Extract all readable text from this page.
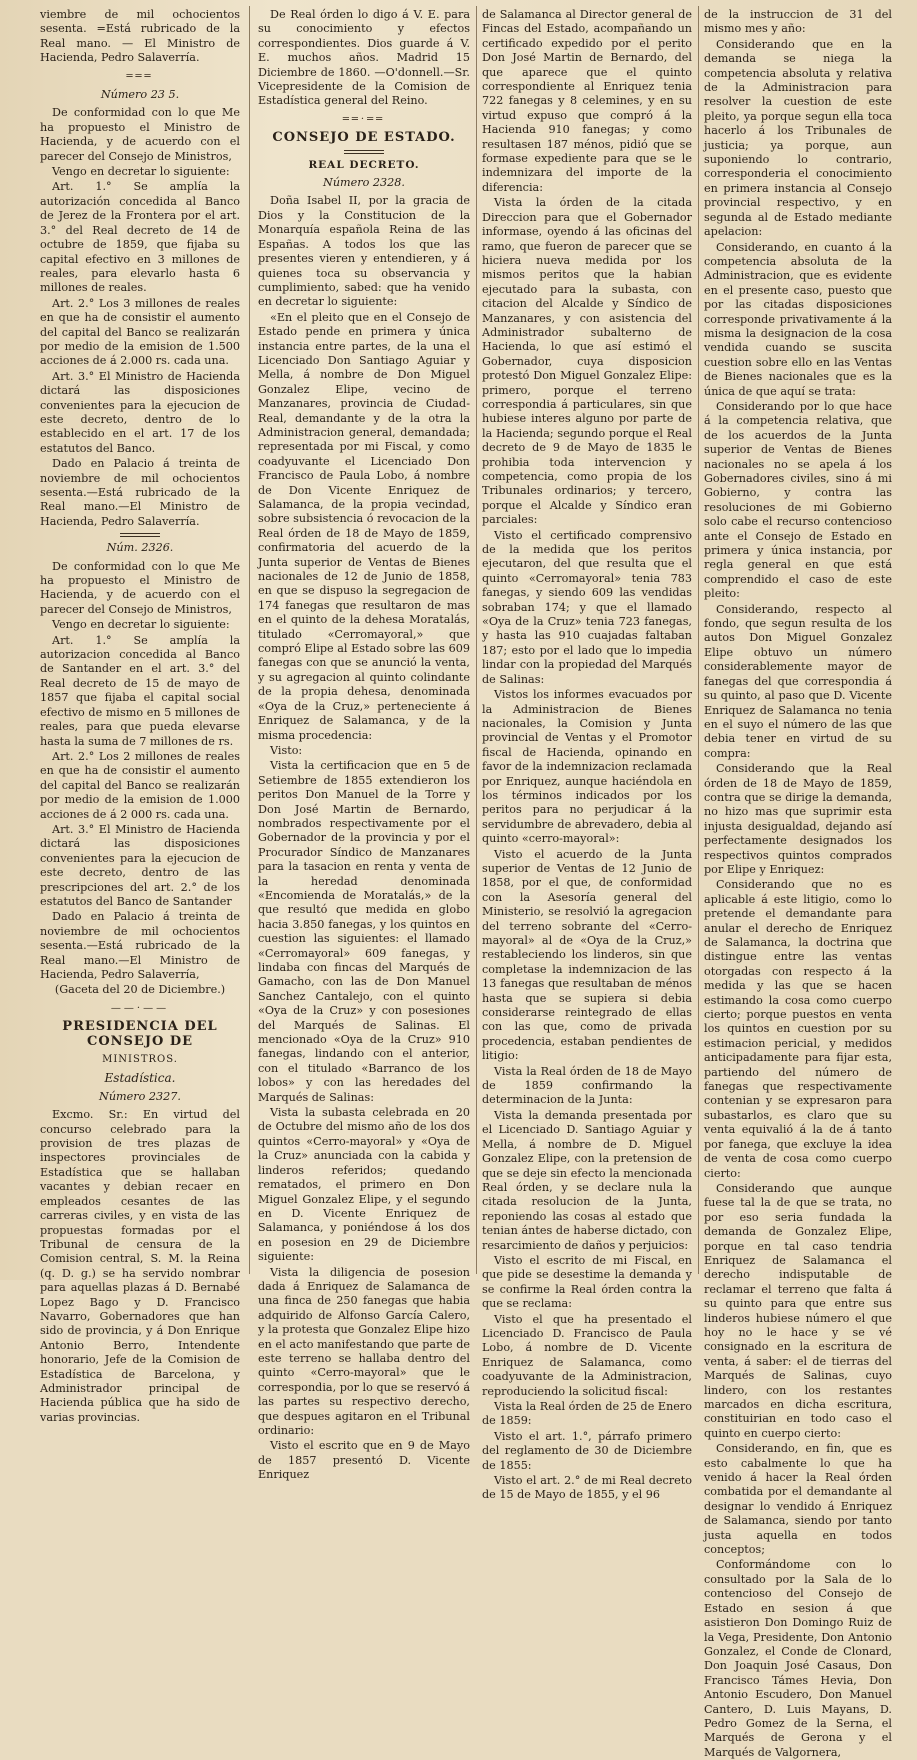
viembre de mil ochocientos sesenta. =Está rubricado de la Real mano. — El Ministro de Hacienda, Pedro Salaverría.

═══

Número 23 5.

De conformidad con lo que Me ha propuesto el Ministro de Hacienda, y de acuerdo con el parecer del Consejo de Ministros,

Vengo en decretar lo siguiente:

Art. 1.° Se amplía la autorización concedida al Banco de Jerez de la Frontera por el art. 3.° del Real decreto de 14 de octubre de 1859, que fijaba su capital efectivo en 3 millones de reales, para elevarlo hasta 6 millones de reales.

Art. 2.° Los 3 millones de reales en que ha de consistir el aumento del capital del Banco se realizarán por medio de la emision de 1.500 acciones de á 2.000 rs. cada una.

Art. 3.° El Ministro de Hacienda dictará las disposiciones convenientes para la ejecucion de este decreto, dentro de lo establecido en el art. 17 de los estatutos del Banco.

Dado en Palacio á treinta de noviembre de mil ochocientos sesenta.—Está rubricado de la Real mano.—El Ministro de Hacienda, Pedro Salaverría.

Núm. 2326.

De conformidad con lo que Me ha propuesto el Ministro de Hacienda, y de acuerdo con el parecer del Consejo de Ministros,

Vengo en decretar lo siguiente:

Art. 1.° Se amplía la autorizacion concedida al Banco de Santander en el art. 3.° del Real decreto de 15 de mayo de 1857 que fijaba el capital social efectivo de mismo en 5 millones de reales, para que pueda elevarse hasta la suma de 7 millones de rs.

Art. 2.° Los 2 millones de reales en que ha de consistir el aumento del capital del Banco se realizarán por medio de la emision de 1.000 acciones de á 2 000 rs. cada una.

Art. 3.° El Ministro de Hacienda dictará las disposiciones convenientes para la ejecucion de este decreto, dentro de las prescripciones del art. 2.° de los estatutos del Banco de Santander

Dado en Palacio á treinta de noviembre de mil ochocientos sesenta.—Está rubricado de la Real mano.—El Ministro de Hacienda, Pedro Salaverría,

(Gaceta del 20 de Diciembre.)

——·——

PRESIDENCIA DEL CONSEJO DE

MINISTROS.

Estadística.

Número 2327.

Excmo. Sr.: En virtud del concurso celebrado para la provision de tres plazas de inspectores provinciales de Estadística que se hallaban vacantes y debian recaer en empleados cesantes de las carreras civiles, y en vista de las propuestas formadas por el Tribunal de censura de la Comision central, S. M. la Reina (q. D. g.) se ha servido nombrar para aquellas plazas á D. Bernabé Lopez Bago y D. Francisco Navarro, Gobernadores que han sido de provincia, y á Don Enrique Antonio Berro, Intendente honorario, Jefe de la Comision de Estadística de Barcelona, y Administrador principal de Hacienda pública que ha sido de varias provincias.

De Real órden lo digo á V. E. para su conocimiento y efectos correspondientes. Dios guarde á V. E. muchos años. Madrid 15 Diciembre de 1860. —O'donnell.—Sr. Vicepresidente de la Comision de Estadística general del Reino.

══·══

CONSEJO DE ESTADO.

REAL DECRETO.

Número 2328.

Doña Isabel II, por la gracia de Dios y la Constitucion de la Monarquía española Reina de las Españas. A todos los que las presentes vieren y entendieren, y á quienes toca su observancia y cumplimiento, sabed: que ha venido en decretar lo siguiente:

«En el pleito que en el Consejo de Estado pende en primera y única instancia entre partes, de la una el Licenciado Don Santiago Aguiar y Mella, á nombre de Don Miguel Gonzalez Elipe, vecino de Manzanares, provincia de Ciudad-Real, demandante y de la otra la Administracion general, demandada; representada por mi Fiscal, y como coadyuvante el Licenciado Don Francisco de Paula Lobo, á nombre de Don Vicente Enriquez de Salamanca, de la propia vecindad, sobre subsistencia ó revocacion de la Real órden de 18 de Mayo de 1859, confirmatoria del acuerdo de la Junta superior de Ventas de Bienes nacionales de 12 de Junio de 1858, en que se dispuso la segregacion de 174 fanegas que resultaron de mas en el quinto de la dehesa Moratalás, titulado «Cerromayoral,» que compró Elipe al Estado sobre las 609 fanegas con que se anunció la venta, y su agregacion al quinto colindante de la propia dehesa, denominada «Oya de la Cruz,» perteneciente á Enriquez de Salamanca, y de la misma procedencia:

Visto:

Vista la certificacion que en 5 de Setiembre de 1855 extendieron los peritos Don Manuel de la Torre y Don José Martin de Bernardo, nombrados respectivamente por el Gobernador de la provincia y por el Procurador Síndico de Manzanares para la tasacion en renta y venta de la heredad denominada «Encomienda de Moratalás,» de la que resultó que medida en globo hacia 3.850 fanegas, y los quintos en cuestion las siguientes: el llamado «Cerromayoral» 609 fanegas, y lindaba con fincas del Marqués de Gamacho, con las de Don Manuel Sanchez Cantalejo, con el quinto «Oya de la Cruz» y con posesiones del Marqués de Salinas. El mencionado «Oya de la Cruz» 910 fanegas, lindando con el anterior, con el titulado «Barranco de los lobos» y con las heredades del Marqués de Salinas:

Vista la subasta celebrada en 20 de Octubre del mismo año de los dos quintos «Cerro-mayoral» y «Oya de la Cruz» anunciada con la cabida y linderos referidos; quedando rematados, el primero en Don Miguel Gonzalez Elipe, y el segundo en D. Vicente Enriquez de Salamanca, y poniéndose á los dos en posesion en 29 de Diciembre siguiente:

Vista la diligencia de posesion dada á Enriquez de Salamanca de una finca de 250 fanegas que habia adquirido de Alfonso García Calero, y la protesta que Gonzalez Elipe hizo en el acto manifestando que parte de este terreno se hallaba dentro del quinto «Cerro-mayoral» que le correspondia, por lo que se reservó á las partes su respectivo derecho, que despues agitaron en el Tribunal ordinario:

Visto el escrito que en 9 de Mayo de 1857 presentó D. Vicente Enriquez

de Salamanca al Director general de Fincas del Estado, acompañando un certificado expedido por el perito Don José Martin de Bernardo, del que aparece que el quinto correspondiente al Enriquez tenia 722 fanegas y 8 celemines, y en su virtud expuso que compró á la Hacienda 910 fanegas; y como resultasen 187 ménos, pidió que se formase expediente para que se le indemnizara del importe de la diferencia:

Vista la órden de la citada Direccion para que el Gobernador informase, oyendo á las oficinas del ramo, que fueron de parecer que se hiciera nueva medida por los mismos peritos que la habian ejecutado para la subasta, con citacion del Alcalde y Síndico de Manzanares, y con asistencia del Administrador subalterno de Hacienda, lo que así estimó el Gobernador, cuya disposicion protestó Don Miguel Gonzalez Elipe: primero, porque el terreno correspondia á particulares, sin que hubiese interes alguno por parte de la Hacienda; segundo porque el Real decreto de 9 de Mayo de 1835 le prohibia toda intervencion y competencia, como propia de los Tribunales ordinarios; y tercero, porque el Alcalde y Síndico eran parciales:

Visto el certificado comprensivo de la medida que los peritos ejecutaron, del que resulta que el quinto «Cerromayoral» tenia 783 fanegas, y siendo 609 las vendidas sobraban 174; y que el llamado «Oya de la Cruz» tenia 723 fanegas, y hasta las 910 cuajadas faltaban 187; esto por el lado que lo impedia lindar con la propiedad del Marqués de Salinas:

Vistos los informes evacuados por la Administracion de Bienes nacionales, la Comision y Junta provincial de Ventas y el Promotor fiscal de Hacienda, opinando en favor de la indemnizacion reclamada por Enriquez, aunque haciéndola en los términos indicados por los peritos para no perjudicar á la servidumbre de abrevadero, debia al quinto «cerro-mayoral»:

Visto el acuerdo de la Junta superior de Ventas de 12 Junio de 1858, por el que, de conformidad con la Asesoría general del Ministerio, se resolvió la agregacion del terreno sobrante del «Cerro-mayoral» al de «Oya de la Cruz,» restableciendo los linderos, sin que completase la indemnizacion de las 13 fanegas que resultaban de ménos hasta que se supiera si debia considerarse reintegrado de ellas con las que, como de privada procedencia, estaban pendientes de litigio:

Vista la Real órden de 18 de Mayo de 1859 confirmando la determinacion de la Junta:

Vista la demanda presentada por el Licenciado D. Santiago Aguiar y Mella, á nombre de D. Miguel Gonzalez Elipe, con la pretension de que se deje sin efecto la mencionada Real órden, y se declare nula la citada resolucion de la Junta, reponiendo las cosas al estado que tenian ántes de haberse dictado, con resarcimiento de daños y perjuicios:

Visto el escrito de mi Fiscal, en que pide se desestime la demanda y se confirme la Real órden contra la que se reclama:

Visto el que ha presentado el Licenciado D. Francisco de Paula Lobo, á nombre de D. Vicente Enriquez de Salamanca, como coadyuvante de la Administracion, reproduciendo la solicitud fiscal:

Vista la Real órden de 25 de Enero de 1859:

Visto el art. 1.°, párrafo primero del reglamento de 30 de Diciembre de 1855:

Visto el art. 2.° de mi Real decreto de 15 de Mayo de 1855, y el 96

de la instruccion de 31 del mismo mes y año:

Considerando que en la demanda se niega la competencia absoluta y relativa de la Administracion para resolver la cuestion de este pleito, ya porque segun ella toca hacerlo á los Tribunales de justicia; ya porque, aun suponiendo lo contrario, corresponderia el conocimiento en primera instancia al Consejo provincial respectivo, y en segunda al de Estado mediante apelacion:

Considerando, en cuanto á la competencia absoluta de la Administracion, que es evidente en el presente caso, puesto que por las citadas disposiciones corresponde privativamente á la misma la designacion de la cosa vendida cuando se suscita cuestion sobre ello en las Ventas de Bienes nacionales que es la única de que aquí se trata:

Considerando por lo que hace á la competencia relativa, que de los acuerdos de la Junta superior de Ventas de Bienes nacionales no se apela á los Gobernadores civiles, sino á mi Gobierno, y contra las resoluciones de mi Gobierno solo cabe el recurso contencioso ante el Consejo de Estado en primera y única instancia, por regla general en que está comprendido el caso de este pleito:

Considerando, respecto al fondo, que segun resulta de los autos Don Miguel Gonzalez Elipe obtuvo un número considerablemente mayor de fanegas del que correspondia á su quinto, al paso que D. Vicente Enriquez de Salamanca no tenia en el suyo el número de las que debia tener en virtud de su compra:

Considerando que la Real órden de 18 de Mayo de 1859, contra que se dirige la demanda, no hizo mas que suprimir esta injusta desigualdad, dejando así perfectamente designados los respectivos quintos comprados por Elipe y Enriquez:

Considerando que no es aplicable á este litigio, como lo pretende el demandante para anular el derecho de Enriquez de Salamanca, la doctrina que distingue entre las ventas otorgadas con respecto á la medida y las que se hacen estimando la cosa como cuerpo cierto; porque puestos en venta los quintos en cuestion por su estimacion pericial, y medidos anticipadamente para fijar esta, partiendo del número de fanegas que respectivamente contenian y se expresaron para subastarlos, es claro que su venta equivalió á la de á tanto por fanega, que excluye la idea de venta de cosa como cuerpo cierto:

Considerando que aunque fuese tal la de que se trata, no por eso seria fundada la demanda de Gonzalez Elipe, porque en tal caso tendria Enriquez de Salamanca el derecho indisputable de reclamar el terreno que falta á su quinto para que entre sus linderos hubiese número el que hoy no le hace y se vé consignado en la escritura de venta, á saber: el de tierras del Marqués de Salinas, cuyo lindero, con los restantes marcados en dicha escritura, constituirian en todo caso el quinto en cuerpo cierto:

Considerando, en fin, que es esto cabalmente lo que ha venido á hacer la Real órden combatida por el demandante al designar lo vendido á Enriquez de Salamanca, siendo por tanto justa aquella en todos conceptos;

Conformándome con lo consultado por la Sala de lo contencioso del Consejo de Estado en sesion á que asistieron Don Domingo Ruiz de la Vega, Presidente, Don Antonio Gonzalez, el Conde de Clonard, Don Joaquin José Casaus, Don Francisco Támes Hevia, Don Antonio Escudero, Don Manuel Cantero, D. Luis Mayans, D. Pedro Gomez de la Serna, el Marqués de Gerona y el Marqués de Valgornera,
